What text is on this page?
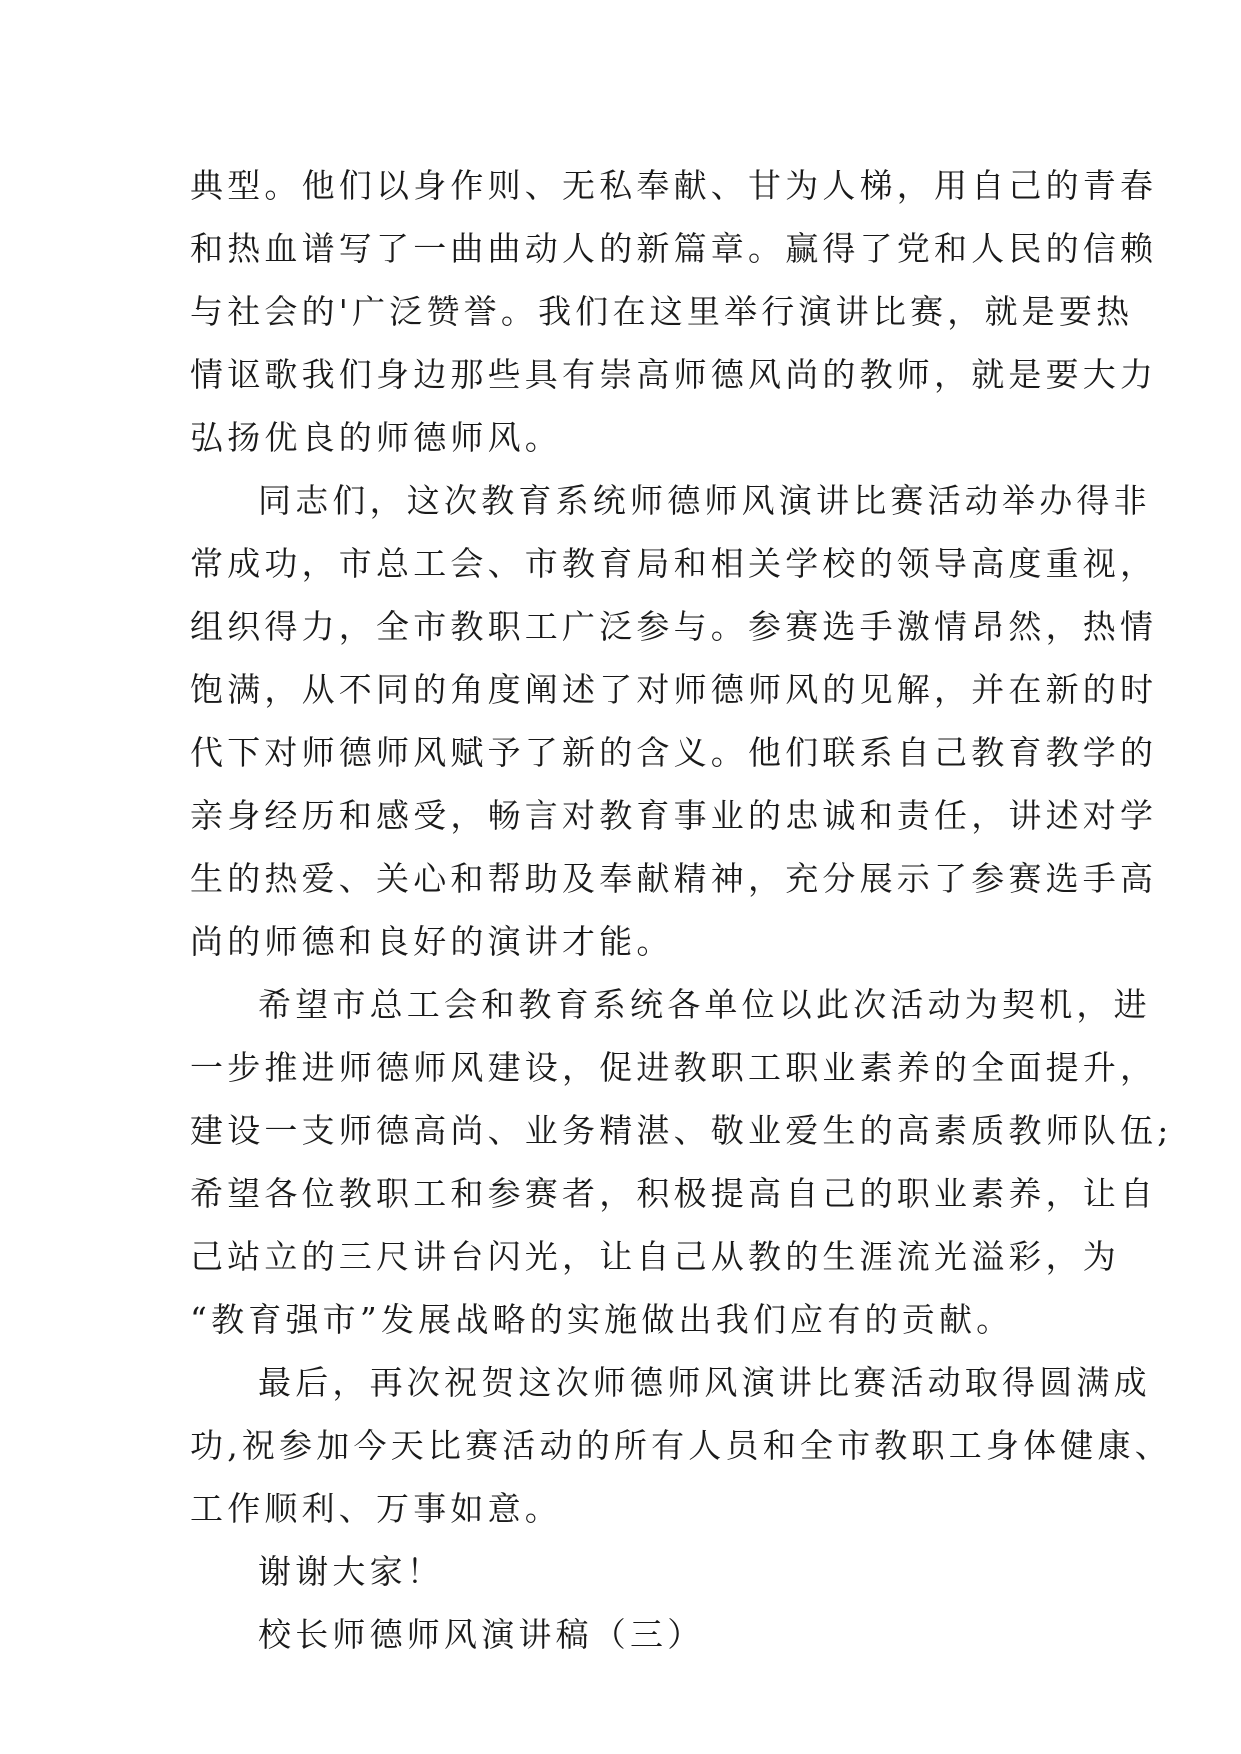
典型。他们以身作则、无私奉献、甘为人梯，用自己的青春
和热血谱写了一曲曲动人的新篇章。赢得了党和人民的信赖
与社会的'广泛赞誉。我们在这里举行演讲比赛，就是要热
情讴歌我们身边那些具有崇高师德风尚的教师，就是要大力
弘扬优良的师德师风。
同志们，这次教育系统师德师风演讲比赛活动举办得非
常成功，市总工会、市教育局和相关学校的领导高度重视，
组织得力，全市教职工广泛参与。参赛选手激情昂然，热情
饱满，从不同的角度阐述了对师德师风的见解，并在新的时
代下对师德师风赋予了新的含义。他们联系自己教育教学的
亲身经历和感受，畅言对教育事业的忠诚和责任，讲述对学
生的热爱、关心和帮助及奉献精神，充分展示了参赛选手高
尚的师德和良好的演讲才能。
希望市总工会和教育系统各单位以此次活动为契机，进
一步推进师德师风建设，促进教职工职业素养的全面提升，
建设一支师德高尚、业务精湛、敬业爱生的高素质教师队伍;
希望各位教职工和参赛者，积极提高自己的职业素养，让自
己站立的三尺讲台闪光，让自己从教的生涯流光溢彩，为
“教育强市”发展战略的实施做出我们应有的贡献。
最后，再次祝贺这次师德师风演讲比赛活动取得圆满成
功,祝参加今天比赛活动的所有人员和全市教职工身体健康、
工作顺利、万事如意。
谢谢大家！
校长师德师风演讲稿（三）
